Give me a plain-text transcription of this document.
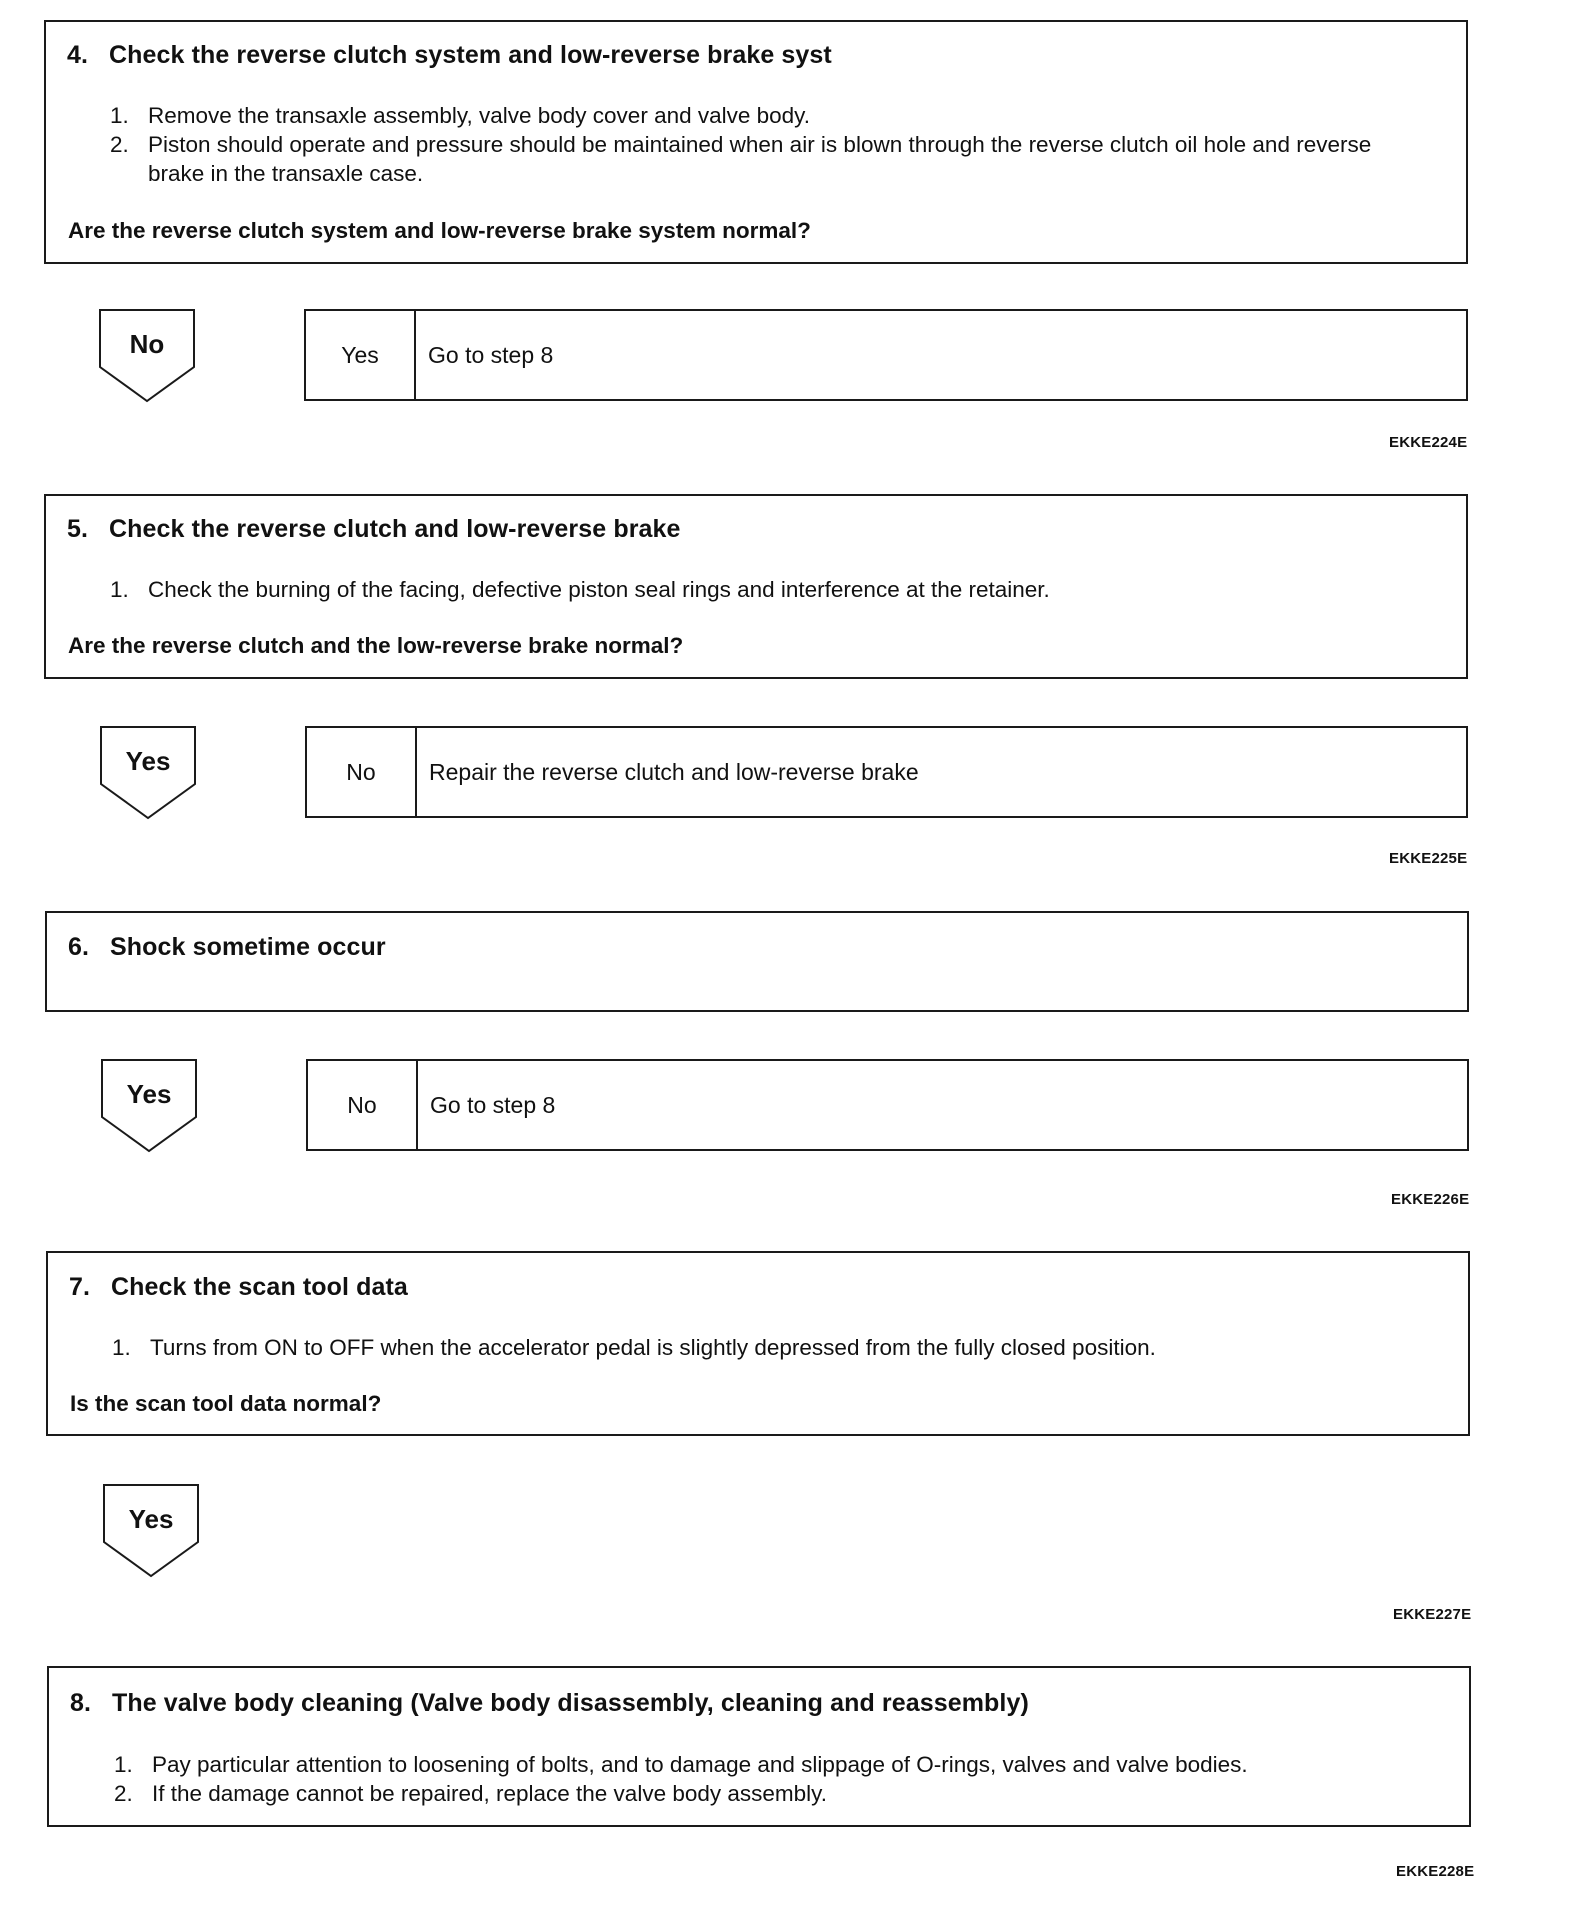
4. Check the reverse clutch system and low-reverse brake syst
1. Remove the transaxle assembly, valve body cover and valve body.
2. Piston should operate and pressure should be maintained when air is blown through the reverse clutch oil hole and reverse brake in the transaxle case.
Are the reverse clutch system and low-reverse brake system normal?
No	Yes	Go to step 8
EKKE224E
5. Check the reverse clutch and low-reverse brake
1. Check the burning of the facing, defective piston seal rings and interference at the retainer.
Are the reverse clutch and the low-reverse brake normal?
Yes	No	Repair the reverse clutch and low-reverse brake
EKKE225E
6. Shock sometime occur
Yes	No	Go to step 8
EKKE226E
7. Check the scan tool data
1. Turns from ON to OFF when the accelerator pedal is slightly depressed from the fully closed position.
Is the scan tool data normal?
Yes
EKKE227E
8. The valve body cleaning (Valve body disassembly, cleaning and reassembly)
1. Pay particular attention to loosening of bolts, and to damage and slippage of O-rings, valves and valve bodies.
2. If the damage cannot be repaired, replace the valve body assembly.
EKKE228E
